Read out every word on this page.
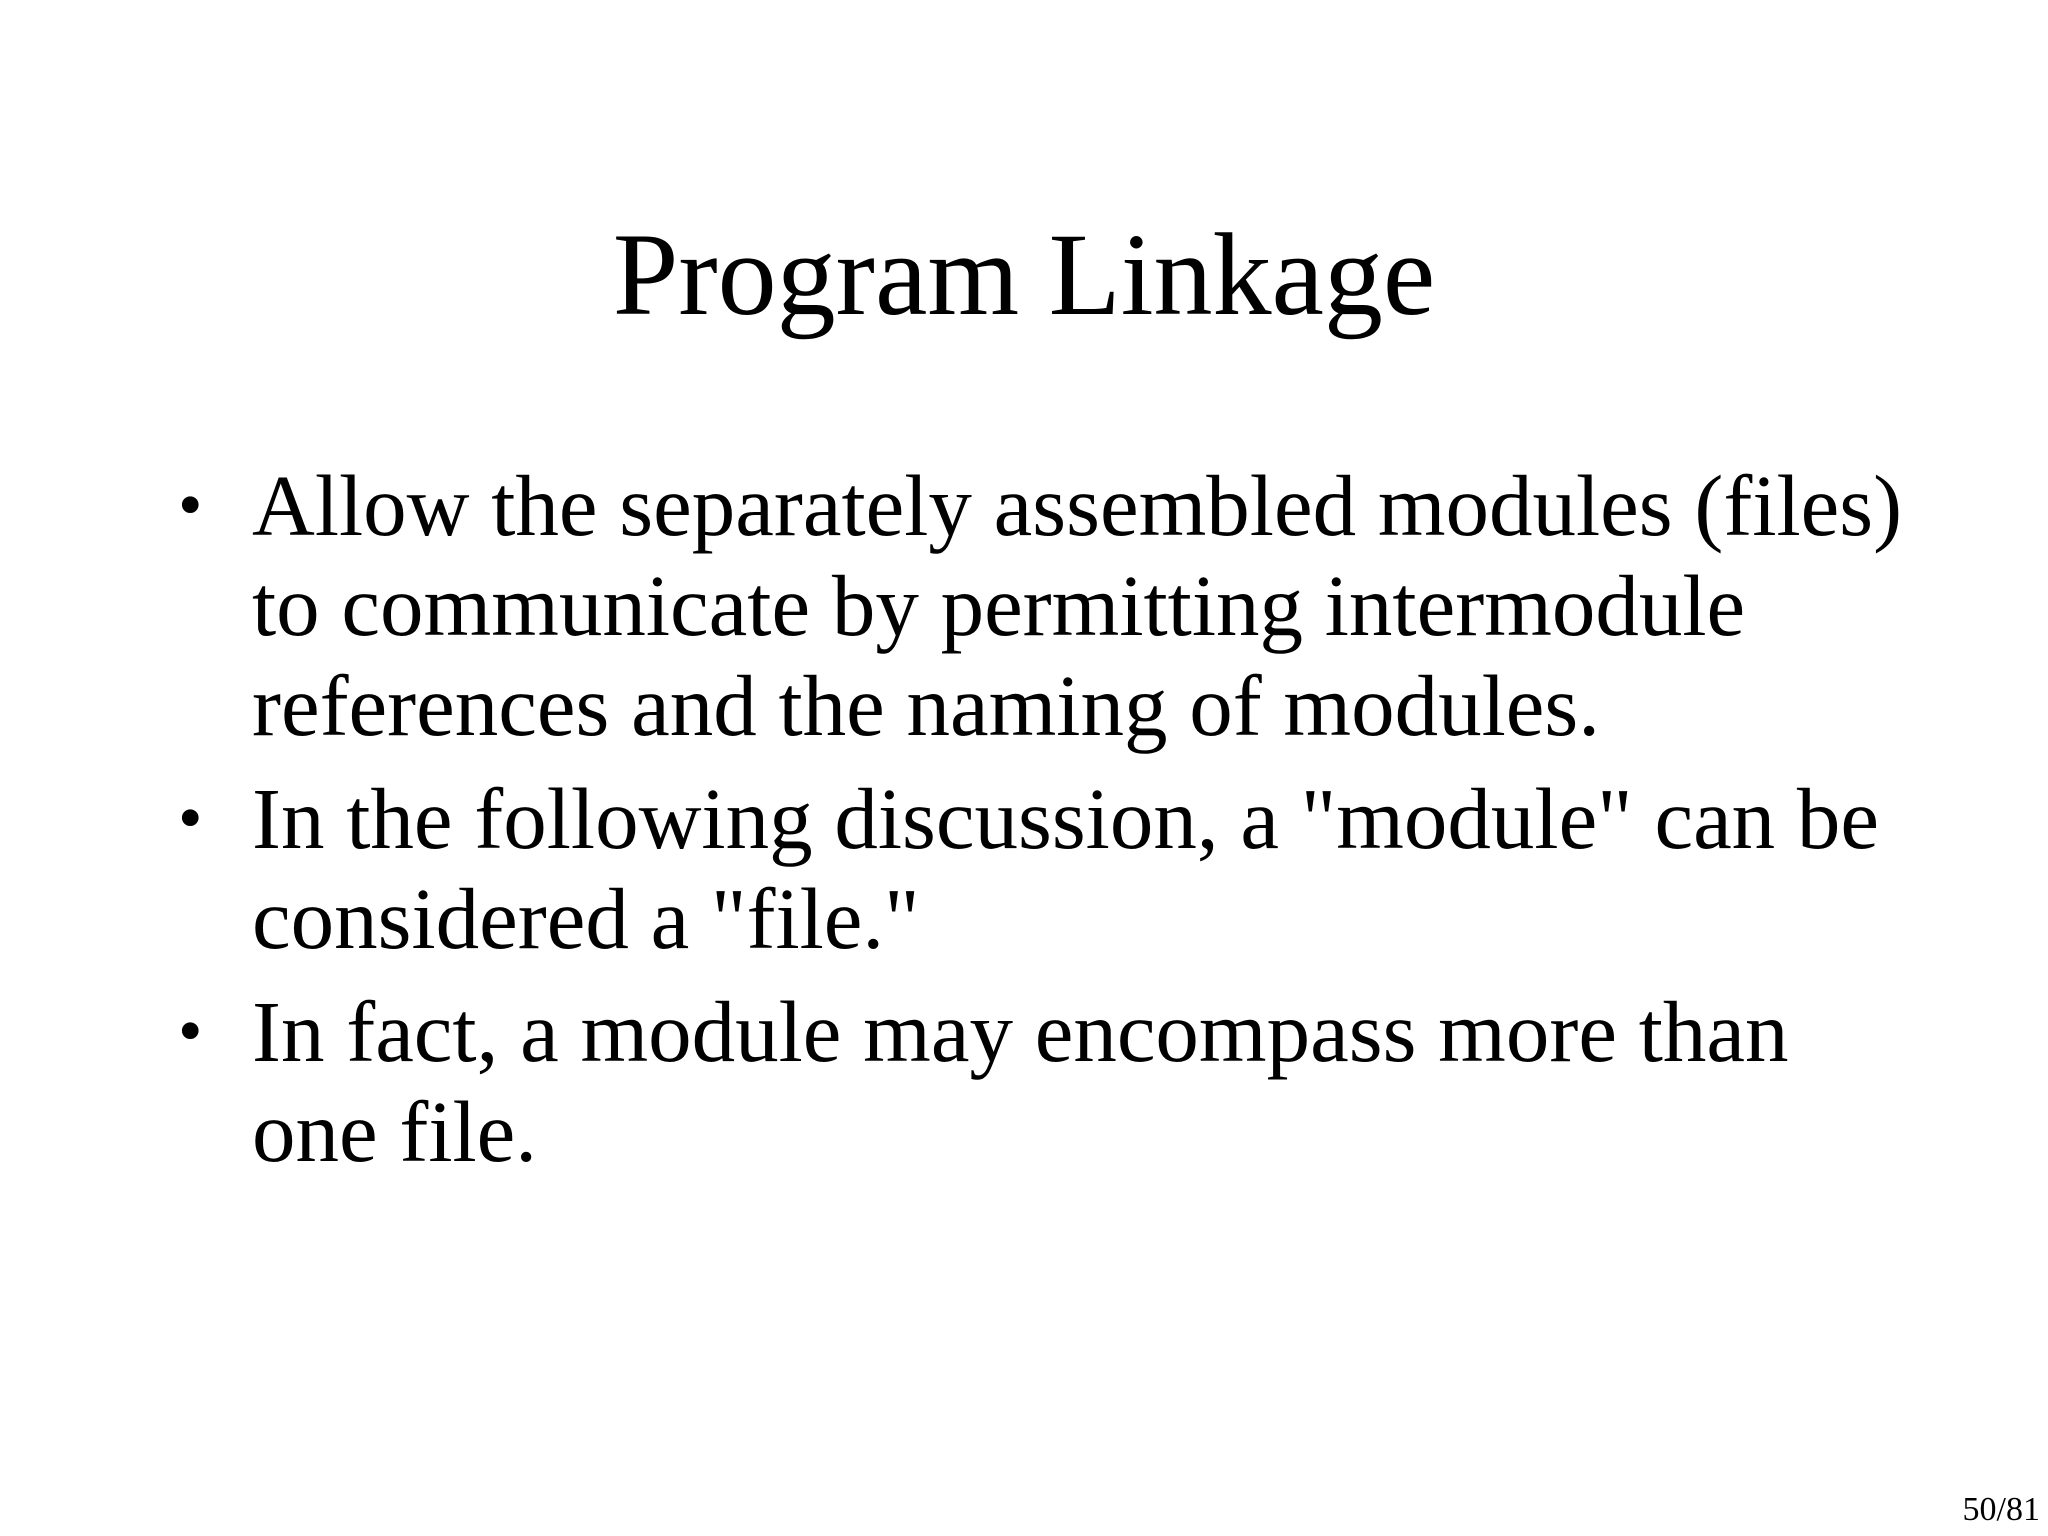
Program Linkage
• Allow the separately assembled modules (files) to communicate by permitting intermodule references and the naming of modules.
• In the following discussion, a "module" can be considered a "file."
• In fact, a module may encompass more than one file.
50/81
